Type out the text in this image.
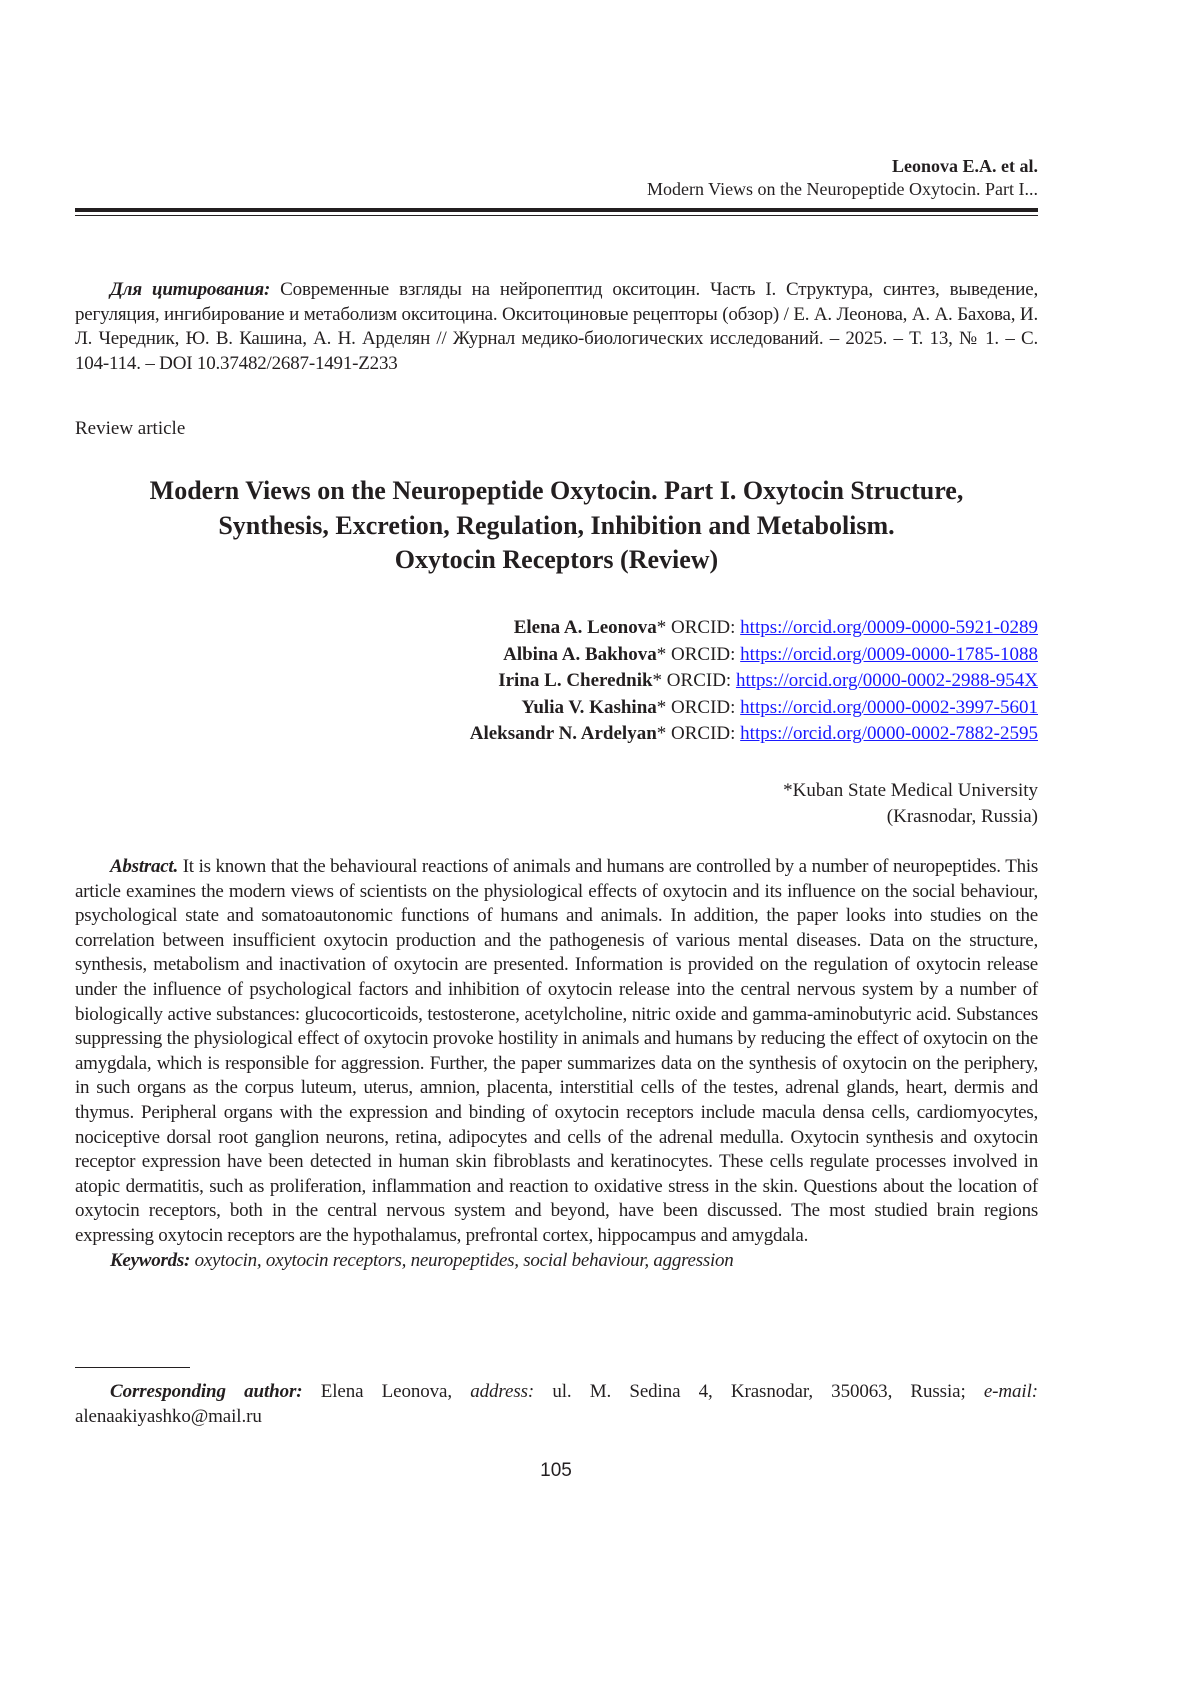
Leonova E.A. et al.
Modern Views on the Neuropeptide Oxytocin. Part I...
Для цитирования: Современные взгляды на нейропептид окситоцин. Часть I. Структура, синтез, выведение, регуляция, ингибирование и метаболизм окситоцина. Окситоциновые рецепторы (обзор) / Е. А. Леонова, А. А. Бахова, И. Л. Чередник, Ю. В. Кашина, А. Н. Арделян // Журнал медико-биологических исследований. – 2025. – Т. 13, № 1. – С. 104-114. – DOI 10.37482/2687-1491-Z233
Review article
Modern Views on the Neuropeptide Oxytocin. Part I. Oxytocin Structure,
Synthesis, Excretion, Regulation, Inhibition and Metabolism.
Oxytocin Receptors (Review)
Elena A. Leonova* ORCID: https://orcid.org/0009-0000-5921-0289
Albina A. Bakhova* ORCID: https://orcid.org/0009-0000-1785-1088
Irina L. Cherednik* ORCID: https://orcid.org/0000-0002-2988-954X
Yulia V. Kashina* ORCID: https://orcid.org/0000-0002-3997-5601
Aleksandr N. Ardelyan* ORCID: https://orcid.org/0000-0002-7882-2595
*Kuban State Medical University
(Krasnodar, Russia)

Abstract. It is known that the behavioural reactions of animals and humans are controlled by a number of neuropeptides. This article examines the modern views of scientists on the physiological effects of oxytocin and its influence on the social behaviour, psychological state and somatoautonomic functions of humans and animals. In addition, the paper looks into studies on the correlation between insufficient oxytocin production and the pathogenesis of various mental diseases. Data on the structure, synthesis, metabolism and inactivation of oxytocin are presented. Information is provided on the regulation of oxytocin release under the influence of psychological factors and inhibition of oxytocin release into the central nervous system by a number of biologically active substances: glucocorticoids, testosterone, acetylcholine, nitric oxide and gamma-aminobutyric acid. Substances suppressing the physiological effect of oxytocin provoke hostility in animals and humans by reducing the effect of oxytocin on the amygdala, which is responsible for aggression. Further, the paper summarizes data on the synthesis of oxytocin on the periphery, in such organs as the corpus luteum, uterus, amnion, placenta, interstitial cells of the testes, adrenal glands, heart, dermis and thymus. Peripheral organs with the expression and binding of oxytocin receptors include macula densa cells, cardiomyocytes, nociceptive dorsal root ganglion neurons, retina, adipocytes and cells of the adrenal medulla. Oxytocin synthesis and oxytocin receptor expression have been detected in human skin fibroblasts and keratinocytes. These cells regulate processes involved in atopic dermatitis, such as proliferation, inflammation and reaction to oxidative stress in the skin. Questions about the location of oxytocin receptors, both in the central nervous system and beyond, have been discussed. The most studied brain regions expressing oxytocin receptors are the hypothalamus, prefrontal cortex, hippocampus and amygdala.

Keywords: oxytocin, oxytocin receptors, neuropeptides, social behaviour, aggression

Corresponding author: Elena Leonova, address: ul. M. Sedina 4, Krasnodar, 350063, Russia; e-mail: alenaakiyashko@mail.ru
105
